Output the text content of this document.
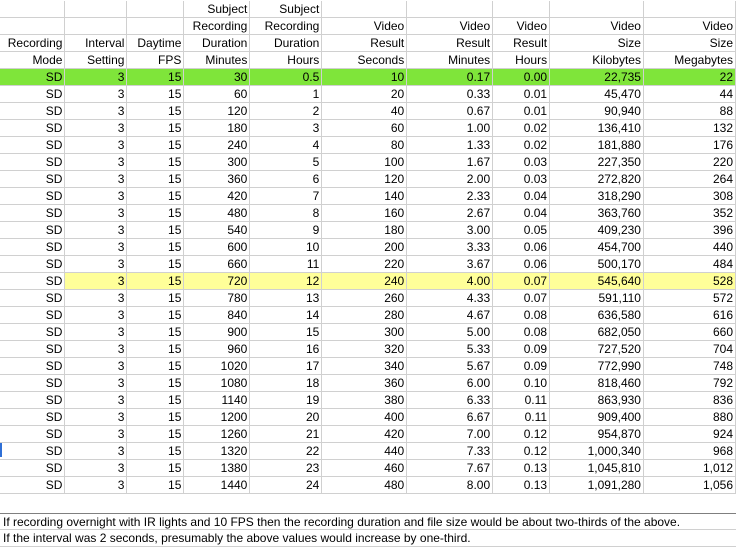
			Subject	Subject					
			Recording	Recording	Video	Video	Video	Video	Video
Recording	Interval	Daytime	Duration	Duration	Result	Result	Result	Size	Size
Mode	Setting	FPS	Minutes	Hours	Seconds	Minutes	Hours	Kilobytes	Megabytes
SD	3	15	30	0.5	10	0.17	0.00	22,735	22
SD	3	15	60	1	20	0.33	0.01	45,470	44
SD	3	15	120	2	40	0.67	0.01	90,940	88
SD	3	15	180	3	60	1.00	0.02	136,410	132
SD	3	15	240	4	80	1.33	0.02	181,880	176
SD	3	15	300	5	100	1.67	0.03	227,350	220
SD	3	15	360	6	120	2.00	0.03	272,820	264
SD	3	15	420	7	140	2.33	0.04	318,290	308
SD	3	15	480	8	160	2.67	0.04	363,760	352
SD	3	15	540	9	180	3.00	0.05	409,230	396
SD	3	15	600	10	200	3.33	0.06	454,700	440
SD	3	15	660	11	220	3.67	0.06	500,170	484
SD	3	15	720	12	240	4.00	0.07	545,640	528
SD	3	15	780	13	260	4.33	0.07	591,110	572
SD	3	15	840	14	280	4.67	0.08	636,580	616
SD	3	15	900	15	300	5.00	0.08	682,050	660
SD	3	15	960	16	320	5.33	0.09	727,520	704
SD	3	15	1020	17	340	5.67	0.09	772,990	748
SD	3	15	1080	18	360	6.00	0.10	818,460	792
SD	3	15	1140	19	380	6.33	0.11	863,930	836
SD	3	15	1200	20	400	6.67	0.11	909,400	880
SD	3	15	1260	21	420	7.00	0.12	954,870	924
SD	3	15	1320	22	440	7.33	0.12	1,000,340	968
SD	3	15	1380	23	460	7.67	0.13	1,045,810	1,012
SD	3	15	1440	24	480	8.00	0.13	1,091,280	1,056
If recording overnight with IR lights and 10 FPS then the recording duration and file size would be about two-thirds of the above.
If the interval was 2 seconds, presumably the above values would increase by one-third.
